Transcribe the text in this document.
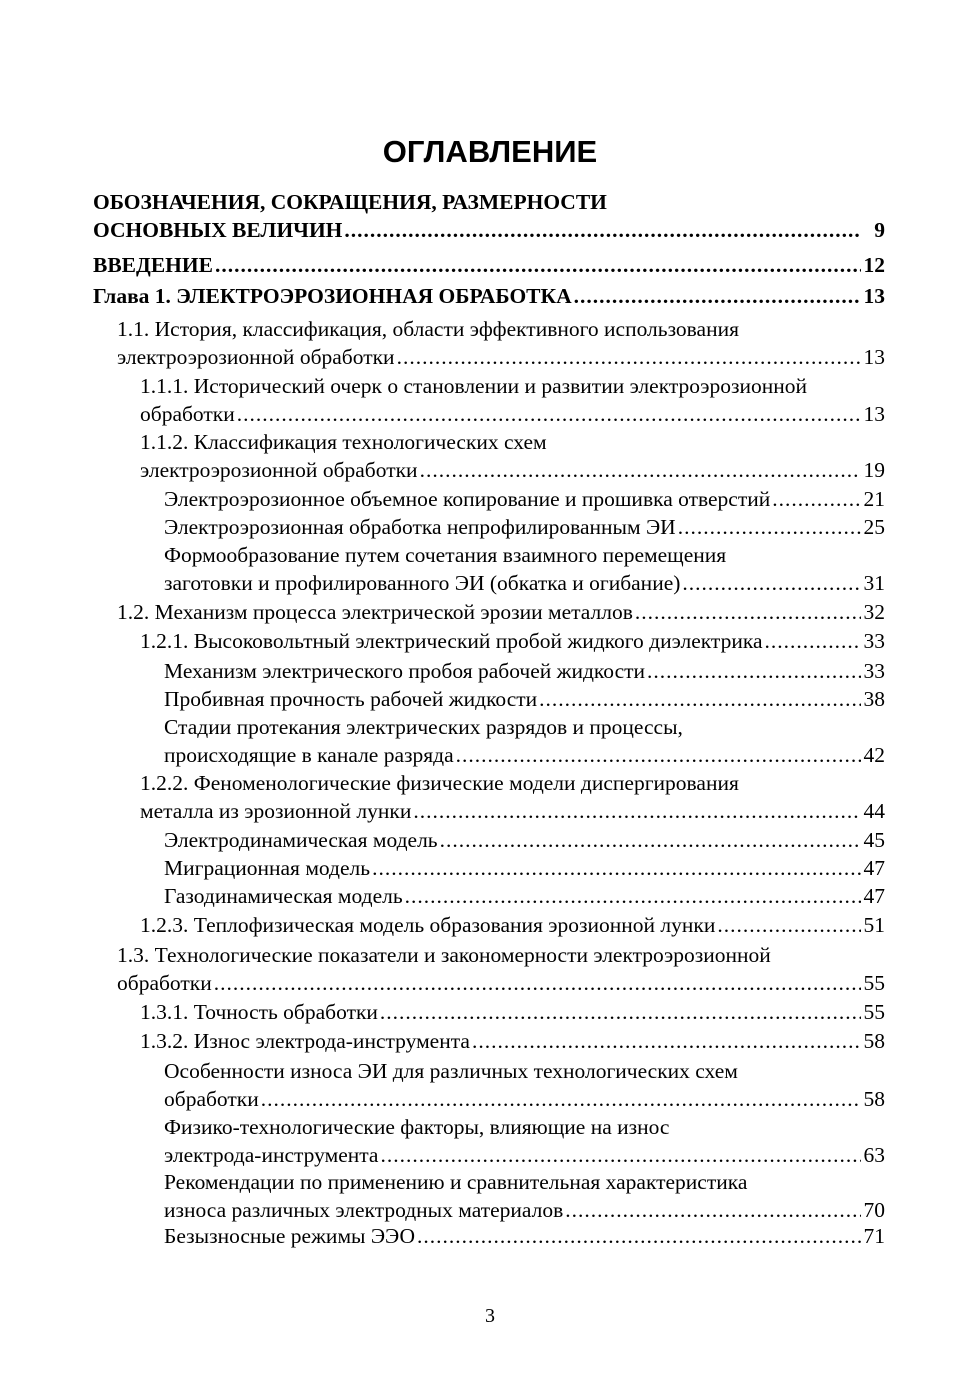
ОГЛАВЛЕНИЕ
ОБОЗНАЧЕНИЯ, СОКРАЩЕНИЯ, РАЗМЕРНОСТИ
ОСНОВНЫХ ВЕЛИЧИН .....	9
ВВЕДЕНИЕ .....	12
Глава 1. ЭЛЕКТРОЭРОЗИОННАЯ ОБРАБОТКА .....	13
1.1. История, классификация, области эффективного использования
электроэрозионной обработки .....	13
1.1.1. Исторический очерк о становлении и развитии электроэрозионной
обработки .....	13
1.1.2. Классификация технологических схем
электроэрозионной обработки .....	19
Электроэрозионное объемное копирование и прошивка отверстий .....	21
Электроэрозионная обработка непрофилированным ЭИ .....	25
Формообразование путем сочетания взаимного перемещения
заготовки и профилированного ЭИ (обкатка и огибание) .....	31
1.2. Механизм процесса электрической эрозии металлов .....	32
1.2.1. Высоковольтный электрический пробой жидкого диэлектрика .....	33
Механизм электрического пробоя рабочей жидкости .....	33
Пробивная прочность рабочей жидкости .....	38
Стадии протекания электрических разрядов и процессы,
происходящие в канале разряда .....	42
1.2.2. Феноменологические физические модели диспергирования
металла из эрозионной лунки .....	44
Электродинамическая модель .....	45
Миграционная модель .....	47
Газодинамическая модель .....	47
1.2.3. Теплофизическая модель образования эрозионной лунки .....	51
1.3. Технологические показатели и закономерности электроэрозионной
обработки .....	55
1.3.1. Точность обработки .....	55
1.3.2. Износ электрода-инструмента .....	58
Особенности износа ЭИ для различных технологических схем
обработки .....	58
Физико-технологические факторы, влияющие на износ
электрода-инструмента .....	63
Рекомендации по применению и сравнительная характеристика
износа различных электродных материалов .....	70
Безызносные режимы ЭЭО .....	71
3
